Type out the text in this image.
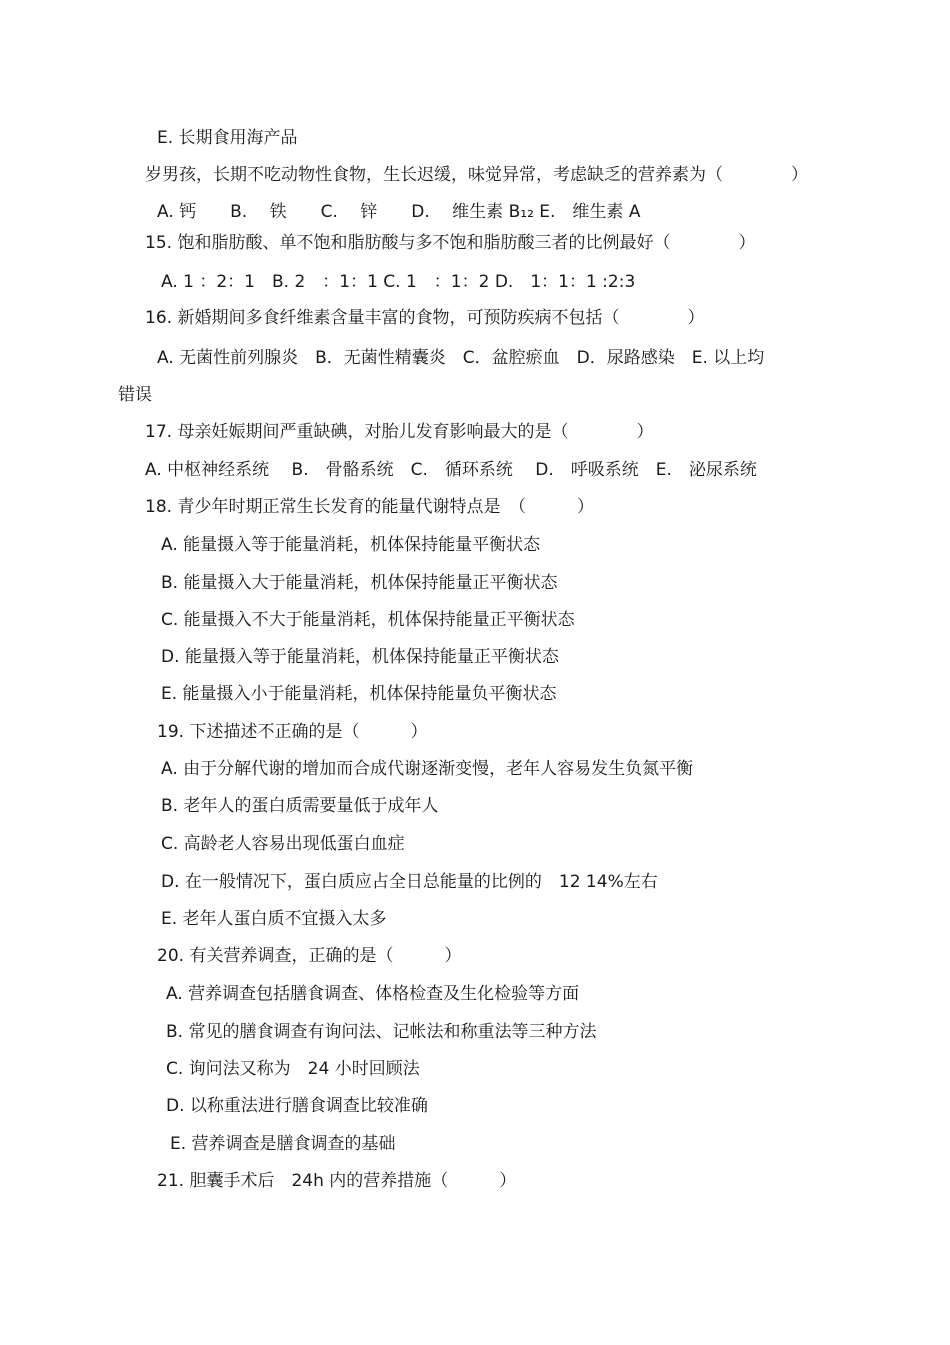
E. 长期食用海产品
岁男孩，长期不吃动物性食物，生长迟缓，味觉异常，考虑缺乏的营养素为（　　　　）
A. 钙　　B.　 铁　　C.　 锌　　D.　 维生素 B₁₂ E.　维生素 A
15. 饱和脂肪酸、单不饱和脂肪酸与多不饱和脂肪酸三者的比例最好（　　　　）
A. 1 ：2：1　B. 2　：1：1 C. 1　：1：2 D.　1：1：1 :2:3
16. 新婚期间多食纤维素含量丰富的食物，可预防疾病不包括（　　　　）
A. 无菌性前列腺炎　B．无菌性精囊炎　C．盆腔瘀血　D．尿路感染　E. 以上均
错误
17. 母亲妊娠期间严重缺碘，对胎儿发育影响最大的是（　　　　）
A. 中枢神经系统　 B.　骨骼系统　C.　循环系统　 D.　呼吸系统　E.　泌尿系统
18. 青少年时期正常生长发育的能量代谢特点是　（　　　）
A. 能量摄入等于能量消耗，机体保持能量平衡状态
B. 能量摄入大于能量消耗，机体保持能量正平衡状态
C. 能量摄入不大于能量消耗，机体保持能量正平衡状态
D. 能量摄入等于能量消耗，机体保持能量正平衡状态
E. 能量摄入小于能量消耗，机体保持能量负平衡状态
19. 下述描述不正确的是（　　　）
A. 由于分解代谢的增加而合成代谢逐渐变慢，老年人容易发生负氮平衡
B. 老年人的蛋白质需要量低于成年人
C. 高龄老人容易出现低蛋白血症
D. 在一般情况下，蛋白质应占全日总能量的比例的　12 14%左右
E. 老年人蛋白质不宜摄入太多
20. 有关营养调查，正确的是（　　　）
A. 营养调查包括膳食调查、体格检查及生化检验等方面
B. 常见的膳食调查有询问法、记帐法和称重法等三种方法
C. 询问法又称为　24 小时回顾法
D. 以称重法进行膳食调查比较准确
E. 营养调查是膳食调查的基础
21. 胆囊手术后　24h 内的营养措施（　　　）
